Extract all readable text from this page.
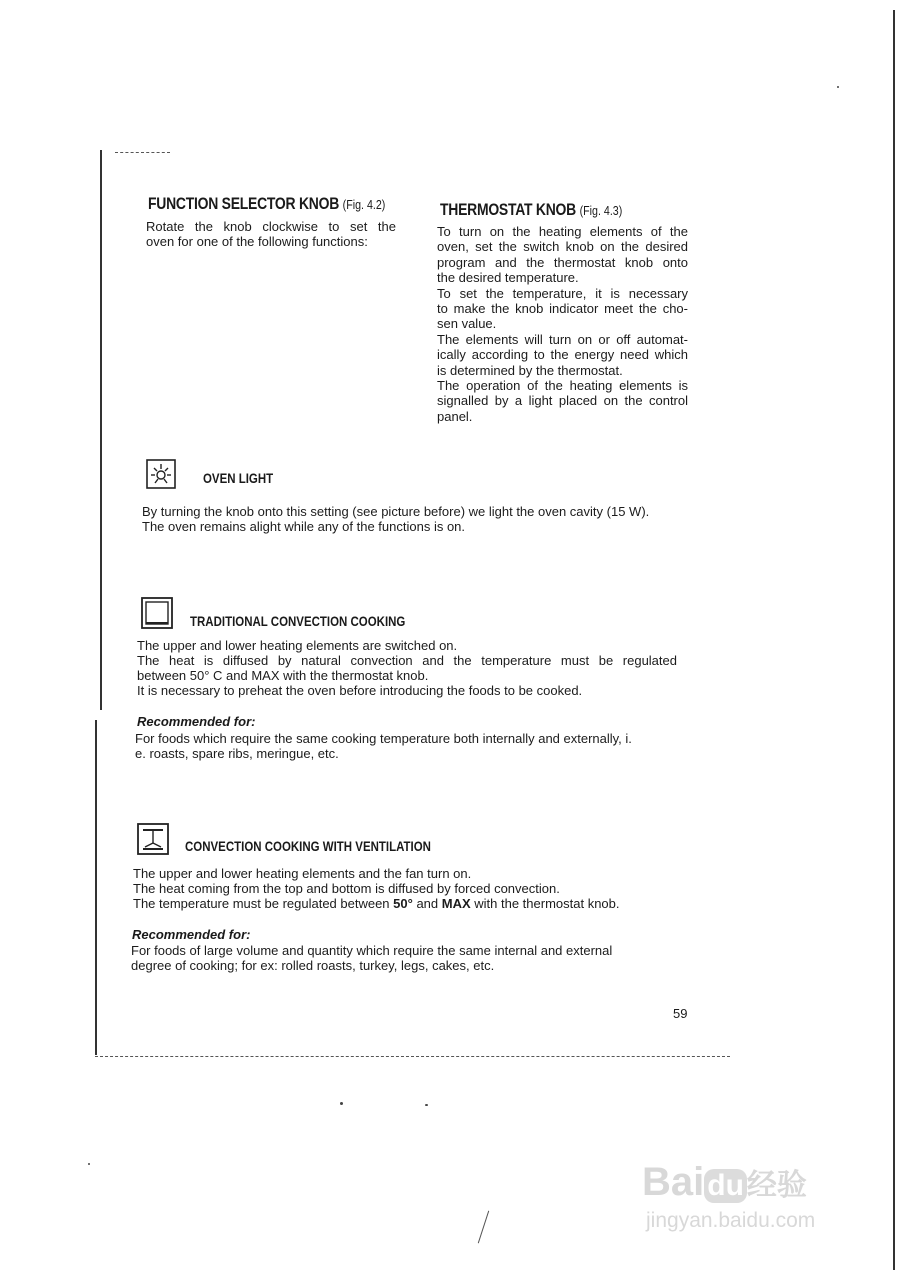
FUNCTION SELECTOR KNOB (Fig. 4.2)
Rotate the knob clockwise to set the
oven for one of the following functions:
THERMOSTAT KNOB (Fig. 4.3)
To turn on the heating elements of the
oven, set the switch knob on the desired
program and the thermostat knob onto
the desired temperature.
To set the temperature, it is necessary
to make the knob indicator meet the cho-
sen value.
The elements will turn on or off automat-
ically according to the energy need which
is determined by the thermostat.
The operation of the heating elements is
signalled by a light placed on the control
panel.
OVEN LIGHT
By turning the knob onto this setting (see picture before) we light the oven cavity (15 W).
The oven remains alight while any of the functions is on.
TRADITIONAL CONVECTION COOKING
The upper and lower heating elements are switched on.
The heat is diffused by natural convection and the temperature must be regulated
between 50° C and MAX with the thermostat knob.
It is necessary to preheat the oven before introducing the foods to be cooked.
Recommended for:
For foods which require the same cooking temperature both internally and externally, i.
e. roasts, spare ribs, meringue, etc.
CONVECTION COOKING WITH VENTILATION
The upper and lower heating elements and the fan turn on.
The heat coming from the top and bottom is diffused by forced convection.
The temperature must be regulated between 50° and MAX with the thermostat knob.
Recommended for:
For foods of large volume and quantity which require the same internal and external
degree of cooking; for ex: rolled roasts, turkey, legs, cakes, etc.
59
Bai du 经验
jingyan.baidu.com
